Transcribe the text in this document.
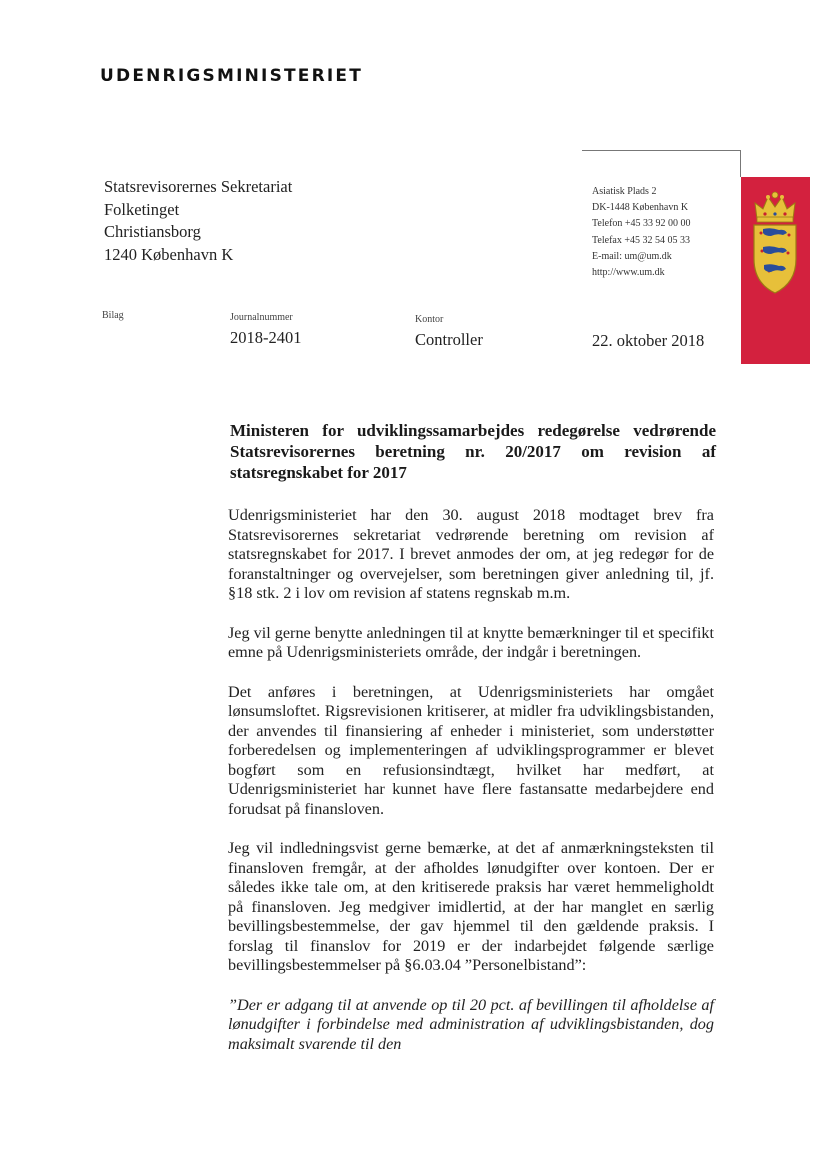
UDENRIGSMINISTERIET
Statsrevisorernes Sekretariat
Folketinget
Christiansborg
1240 København K
Asiatisk Plads 2
DK-1448 København K
Telefon +45 33 92 00 00
Telefax +45 32 54 05 33
E-mail: um@um.dk
http://www.um.dk
Bilag	Journalnummer
2018-2401
Kontor
Controller	22. oktober 2018
Ministeren for udviklingssamarbejdes redegørelse vedrørende Statsrevisorernes beretning nr. 20/2017 om revision af statsregnskabet for 2017

Udenrigsministeriet har den 30. august 2018 modtaget brev fra Statsrevisorernes sekretariat vedrørende beretning om revision af statsregnskabet for 2017. I brevet anmodes der om, at jeg redegør for de foranstaltninger og overvejelser, som beretningen giver anledning til, jf. §18 stk. 2 i lov om revision af statens regnskab m.m.

Jeg vil gerne benytte anledningen til at knytte bemærkninger til et specifikt emne på Udenrigsministeriets område, der indgår i beretningen.

Det anføres i beretningen, at Udenrigsministeriets har omgået lønsumsloftet. Rigsrevisionen kritiserer, at midler fra udviklingsbistanden, der anvendes til finansiering af enheder i ministeriet, som understøtter forberedelsen og implementeringen af udviklingsprogrammer er blevet bogført som en refusionsindtægt, hvilket har medført, at Udenrigsministeriet har kunnet have flere fastansatte medarbejdere end forudsat på finansloven.

Jeg vil indledningsvist gerne bemærke, at det af anmærkningsteksten til finansloven fremgår, at der afholdes lønudgifter over kontoen. Der er således ikke tale om, at den kritiserede praksis har været hemmeligholdt på finansloven. Jeg medgiver imidlertid, at der har manglet en særlig bevillingsbestemmelse, der gav hjemmel til den gældende praksis. I forslag til finanslov for 2019 er der indarbejdet følgende særlige bevillingsbestemmelser på §6.03.04 ”Personelbistand”:

”Der er adgang til at anvende op til 20 pct. af bevillingen til afholdelse af lønudgifter i forbindelse med administration af udviklingsbistanden, dog maksimalt svarende til den
